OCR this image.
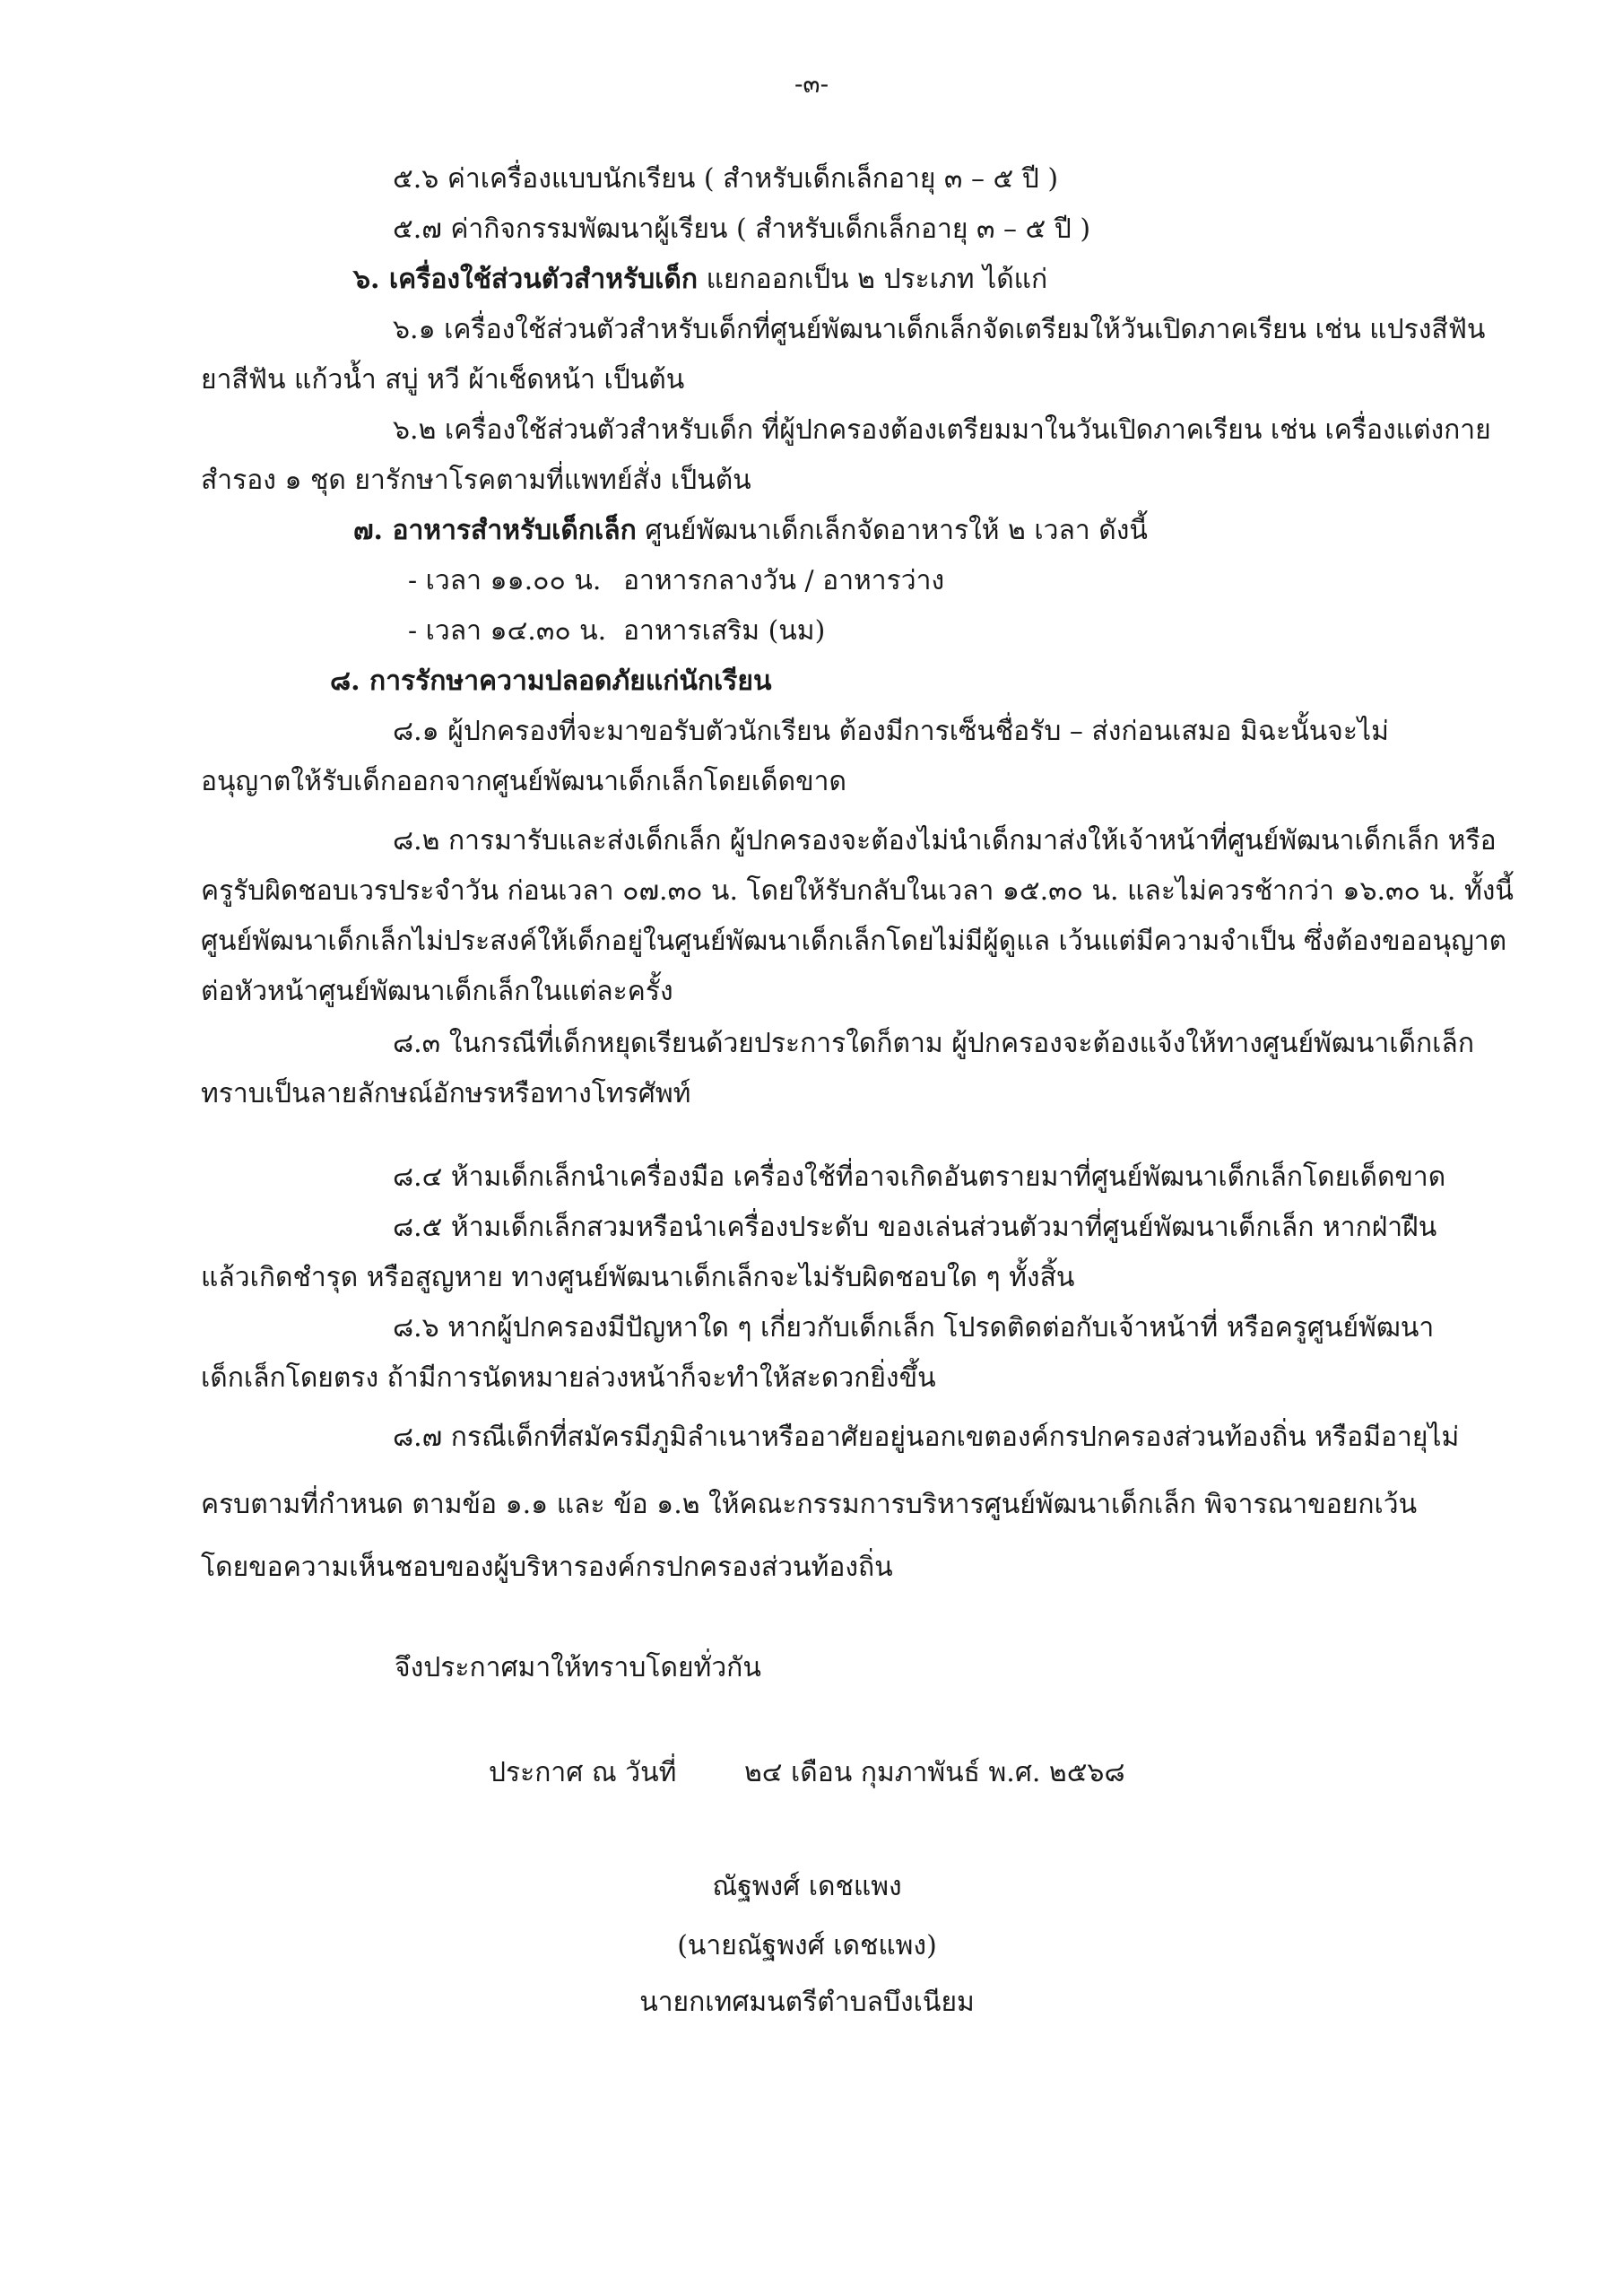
-๓-
๕.๖ ค่าเครื่องแบบนักเรียน ( สำหรับเด็กเล็กอายุ ๓ – ๕ ปี )
๕.๗ ค่ากิจกรรมพัฒนาผู้เรียน ( สำหรับเด็กเล็กอายุ ๓ – ๕ ปี )
๖. เครื่องใช้ส่วนตัวสำหรับเด็ก แยกออกเป็น ๒ ประเภท ได้แก่
๖.๑ เครื่องใช้ส่วนตัวสำหรับเด็กที่ศูนย์พัฒนาเด็กเล็กจัดเตรียมให้วันเปิดภาคเรียน เช่น แปรงสีฟัน
ยาสีฟัน แก้วน้ำ สบู่ หวี ผ้าเช็ดหน้า เป็นต้น
๖.๒ เครื่องใช้ส่วนตัวสำหรับเด็ก ที่ผู้ปกครองต้องเตรียมมาในวันเปิดภาคเรียน เช่น เครื่องแต่งกาย
สำรอง ๑ ชุด ยารักษาโรคตามที่แพทย์สั่ง เป็นต้น
๗. อาหารสำหรับเด็กเล็ก ศูนย์พัฒนาเด็กเล็กจัดอาหารให้ ๒ เวลา ดังนี้
- เวลา ๑๑.๐๐ น. อาหารกลางวัน / อาหารว่าง
- เวลา ๑๔.๓๐ น. อาหารเสริม (นม)
๘. การรักษาความปลอดภัยแก่นักเรียน
๘.๑ ผู้ปกครองที่จะมาขอรับตัวนักเรียน ต้องมีการเซ็นชื่อรับ – ส่งก่อนเสมอ มิฉะนั้นจะไม่
อนุญาตให้รับเด็กออกจากศูนย์พัฒนาเด็กเล็กโดยเด็ดขาด
๘.๒ การมารับและส่งเด็กเล็ก ผู้ปกครองจะต้องไม่นำเด็กมาส่งให้เจ้าหน้าที่ศูนย์พัฒนาเด็กเล็ก หรือ
ครูรับผิดชอบเวรประจำวัน ก่อนเวลา ๐๗.๓๐ น. โดยให้รับกลับในเวลา ๑๕.๓๐ น. และไม่ควรช้ากว่า ๑๖.๓๐ น. ทั้งนี้
ศูนย์พัฒนาเด็กเล็กไม่ประสงค์ให้เด็กอยู่ในศูนย์พัฒนาเด็กเล็กโดยไม่มีผู้ดูแล เว้นแต่มีความจำเป็น ซึ่งต้องขออนุญาต
ต่อหัวหน้าศูนย์พัฒนาเด็กเล็กในแต่ละครั้ง
๘.๓ ในกรณีที่เด็กหยุดเรียนด้วยประการใดก็ตาม ผู้ปกครองจะต้องแจ้งให้ทางศูนย์พัฒนาเด็กเล็ก
ทราบเป็นลายลักษณ์อักษรหรือทางโทรศัพท์
๘.๔ ห้ามเด็กเล็กนำเครื่องมือ เครื่องใช้ที่อาจเกิดอันตรายมาที่ศูนย์พัฒนาเด็กเล็กโดยเด็ดขาด
๘.๕ ห้ามเด็กเล็กสวมหรือนำเครื่องประดับ ของเล่นส่วนตัวมาที่ศูนย์พัฒนาเด็กเล็ก หากฝ่าฝืน
แล้วเกิดชำรุด หรือสูญหาย ทางศูนย์พัฒนาเด็กเล็กจะไม่รับผิดชอบใด ๆ ทั้งสิ้น
๘.๖ หากผู้ปกครองมีปัญหาใด ๆ เกี่ยวกับเด็กเล็ก โปรดติดต่อกับเจ้าหน้าที่ หรือครูศูนย์พัฒนา
เด็กเล็กโดยตรง ถ้ามีการนัดหมายล่วงหน้าก็จะทำให้สะดวกยิ่งขึ้น
๘.๗ กรณีเด็กที่สมัครมีภูมิลำเนาหรืออาศัยอยู่นอกเขตองค์กรปกครองส่วนท้องถิ่น หรือมีอายุไม่
ครบตามที่กำหนด ตามข้อ ๑.๑ และ ข้อ ๑.๒ ให้คณะกรรมการบริหารศูนย์พัฒนาเด็กเล็ก พิจารณาขอยกเว้น
โดยขอความเห็นชอบของผู้บริหารองค์กรปกครองส่วนท้องถิ่น
จึงประกาศมาให้ทราบโดยทั่วกัน
ประกาศ ณ วันที่	๒๔ เดือน กุมภาพันธ์ พ.ศ. ๒๕๖๘
ณัฐพงศ์ เดชแพง
(นายณัฐพงศ์ เดชแพง)
นายกเทศมนตรีตำบลบึงเนียม
